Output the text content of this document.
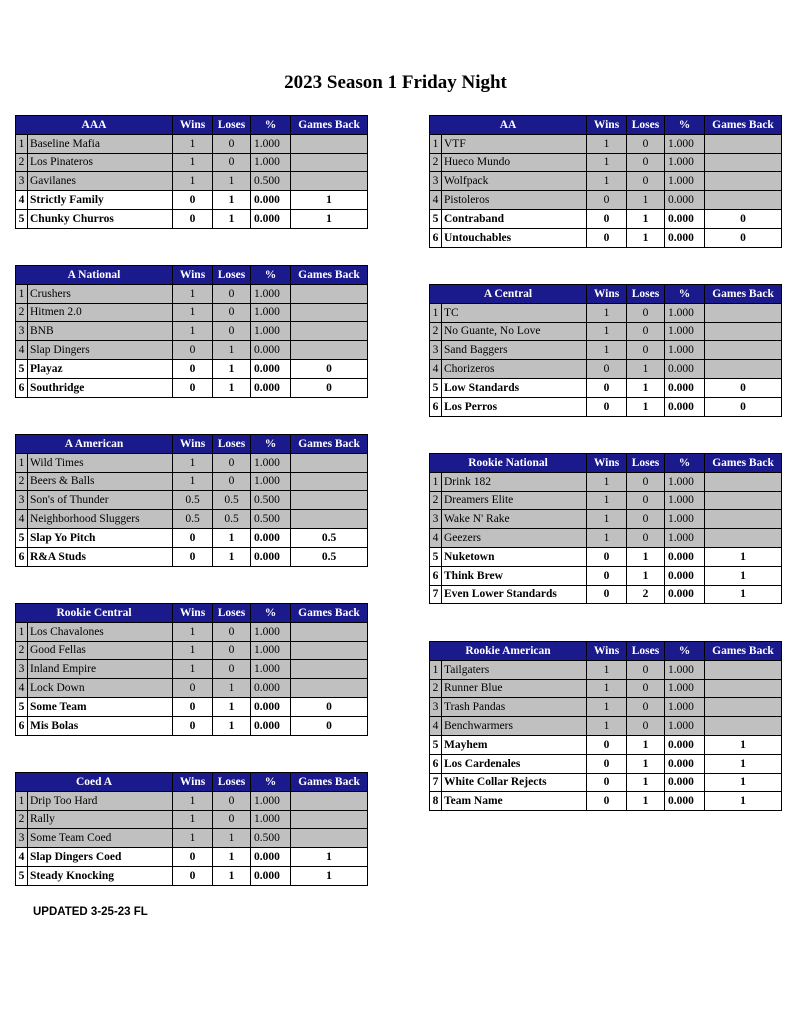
2023 Season 1 Friday Night
AAA		Wins	Loses	%	Games Back
1	Baseline Mafia	1	0	1.000	
2	Los Pinateros	1	0	1.000	
3	Gavilanes	1	1	0.500	
4	Strictly Family	0	1	0.000	1
5	Chunky Churros	0	1	0.000	1
AA		Wins	Loses	%	Games Back
1	VTF	1	0	1.000	
2	Hueco Mundo	1	0	1.000	
3	Wolfpack	1	0	1.000	
4	Pistoleros	0	1	0.000	
5	Contraband	0	1	0.000	0
6	Untouchables	0	1	0.000	0
A National		Wins	Loses	%	Games Back
1	Crushers	1	0	1.000	
2	Hitmen 2.0	1	0	1.000	
3	BNB	1	0	1.000	
4	Slap Dingers	0	1	0.000	
5	Playaz	0	1	0.000	0
6	Southridge	0	1	0.000	0
A Central		Wins	Loses	%	Games Back
1	TC	1	0	1.000	
2	No Guante, No Love	1	0	1.000	
3	Sand Baggers	1	0	1.000	
4	Chorizeros	0	1	0.000	
5	Low Standards	0	1	0.000	0
6	Los Perros	0	1	0.000	0
A American		Wins	Loses	%	Games Back
1	Wild Times	1	0	1.000	
2	Beers & Balls	1	0	1.000	
3	Son's of Thunder	0.5	0.5	0.500	
4	Neighborhood Sluggers	0.5	0.5	0.500	
5	Slap Yo Pitch	0	1	0.000	0.5
6	R&A Studs	0	1	0.000	0.5
Rookie National		Wins	Loses	%	Games Back
1	Drink 182	1	0	1.000	
2	Dreamers Elite	1	0	1.000	
3	Wake N' Rake	1	0	1.000	
4	Geezers	1	0	1.000	
5	Nuketown	0	1	0.000	1
6	Think Brew	0	1	0.000	1
7	Even Lower Standards	0	2	0.000	1
Rookie Central		Wins	Loses	%	Games Back
1	Los Chavalones	1	0	1.000	
2	Good Fellas	1	0	1.000	
3	Inland Empire	1	0	1.000	
4	Lock Down	0	1	0.000	
5	Some Team	0	1	0.000	0
6	Mis Bolas	0	1	0.000	0
Rookie American		Wins	Loses	%	Games Back
1	Tailgaters	1	0	1.000	
2	Runner Blue	1	0	1.000	
3	Trash Pandas	1	0	1.000	
4	Benchwarmers	1	0	1.000	
5	Mayhem	0	1	0.000	1
6	Los Cardenales	0	1	0.000	1
7	White Collar Rejects	0	1	0.000	1
8	Team Name	0	1	0.000	1
Coed A		Wins	Loses	%	Games Back
1	Drip Too Hard	1	0	1.000	
2	Rally	1	0	1.000	
3	Some Team Coed	1	1	0.500	
4	Slap Dingers Coed	0	1	0.000	1
5	Steady Knocking	0	1	0.000	1
UPDATED 3-25-23 FL
